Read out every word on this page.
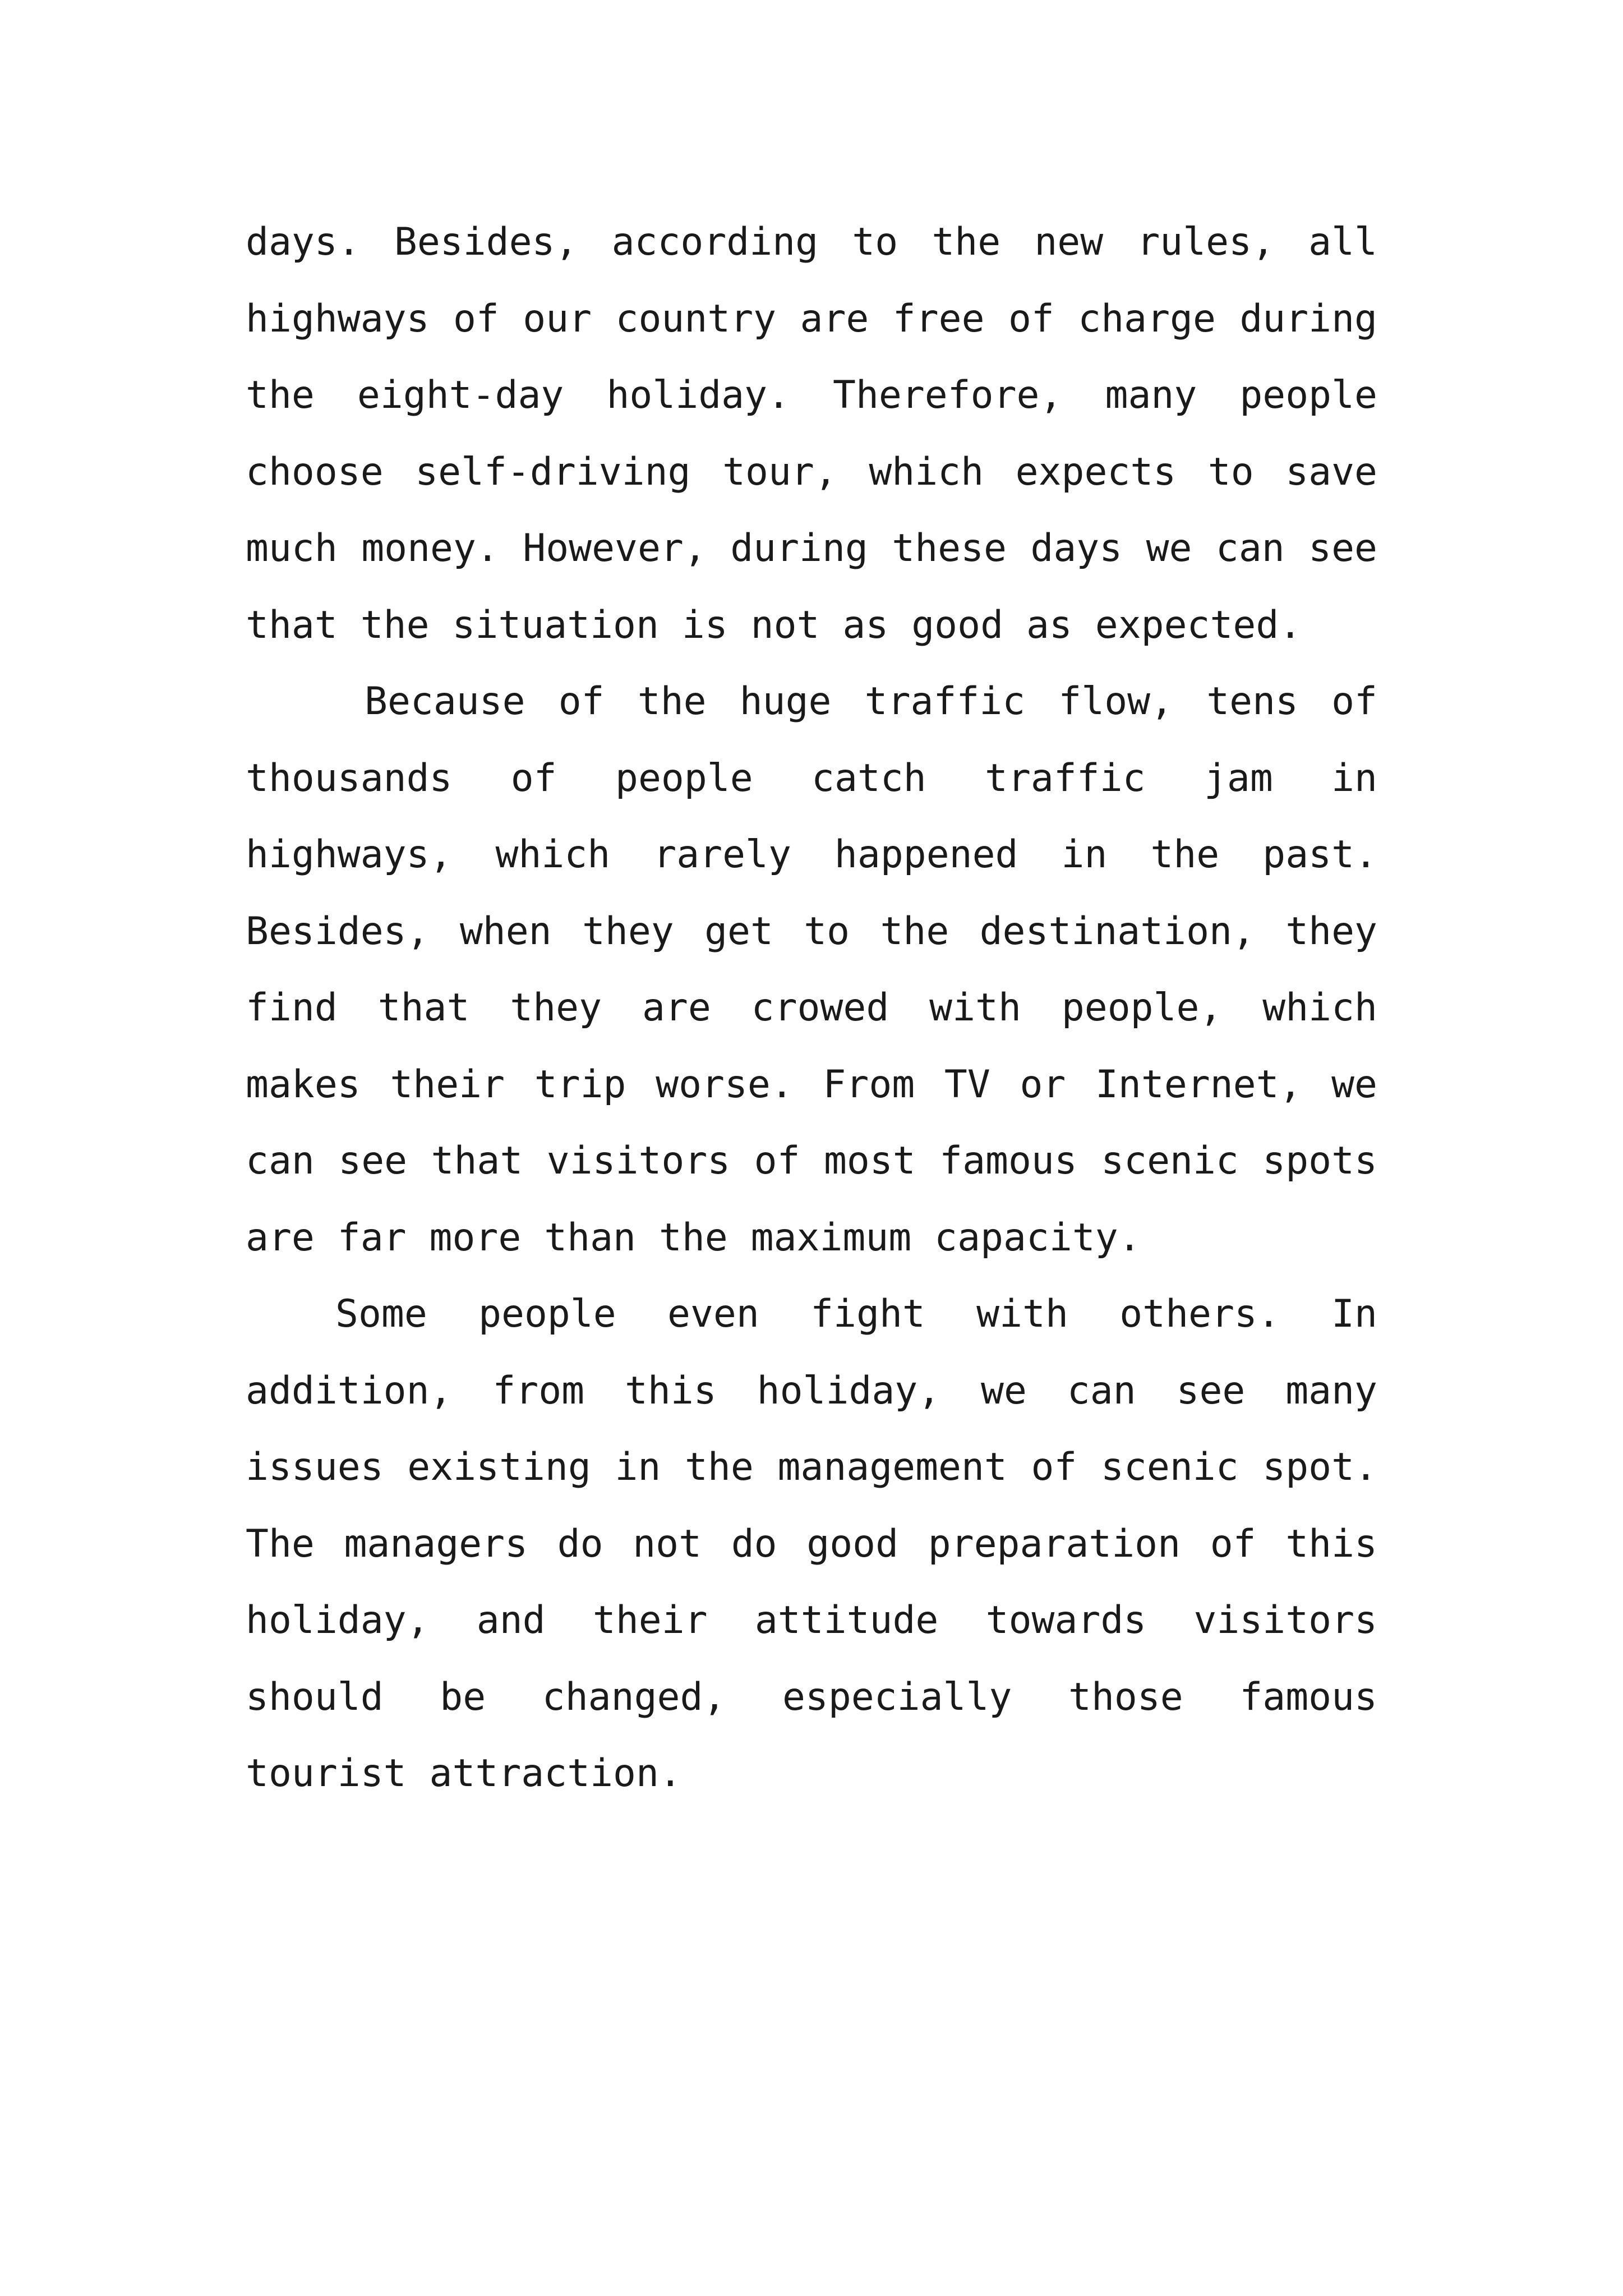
days. Besides, according to the new rules, all highways of our country are free of charge during the eight-day holiday. Therefore, many people choose self-driving tour, which expects to save much money. However, during these days we can see that the situation is not as good as expected.

Because of the huge traffic flow, tens of thousands of people catch traffic jam in highways, which rarely happened in the past. Besides, when they get to the destination, they find that they are crowed with people, which makes their trip worse. From TV or Internet, we can see that visitors of most famous scenic spots are far more than the maximum capacity.

Some people even fight with others. In addition, from this holiday, we can see many issues existing in the management of scenic spot. The managers do not do good preparation of this holiday, and their attitude towards visitors should be changed, especially those famous tourist attraction.
